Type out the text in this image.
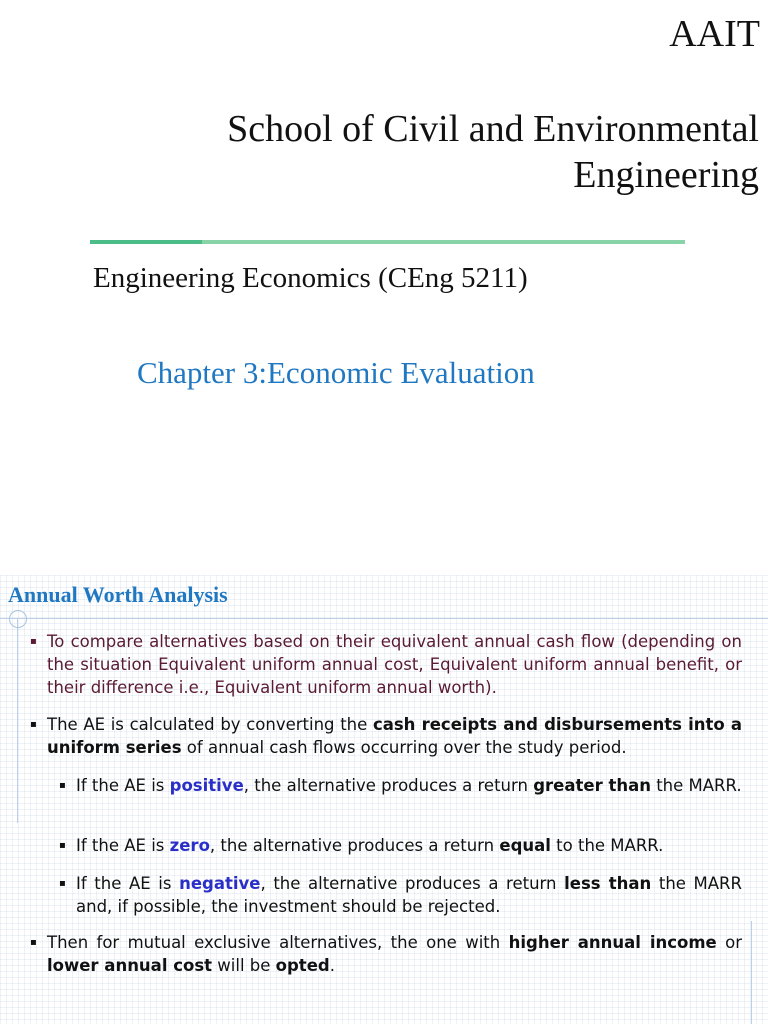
AAIT
School of Civil and Environmental Engineering
Engineering Economics (CEng 5211)
Chapter 3:Economic Evaluation
Annual Worth Analysis
▪ To compare alternatives based on their equivalent annual cash flow (depending on the situation Equivalent uniform annual cost, Equivalent uniform annual benefit, or their difference i.e., Equivalent uniform annual worth).
▪ The AE is calculated by converting the cash receipts and disbursements into a uniform series of annual cash flows occurring over the study period.
▪ If the AE is positive, the alternative produces a return greater than the MARR.
▪ If the AE is zero, the alternative produces a return equal to the MARR.
▪ If the AE is negative, the alternative produces a return less than the MARR and, if possible, the investment should be rejected.
▪ Then for mutual exclusive alternatives, the one with higher annual income or lower annual cost will be opted.
